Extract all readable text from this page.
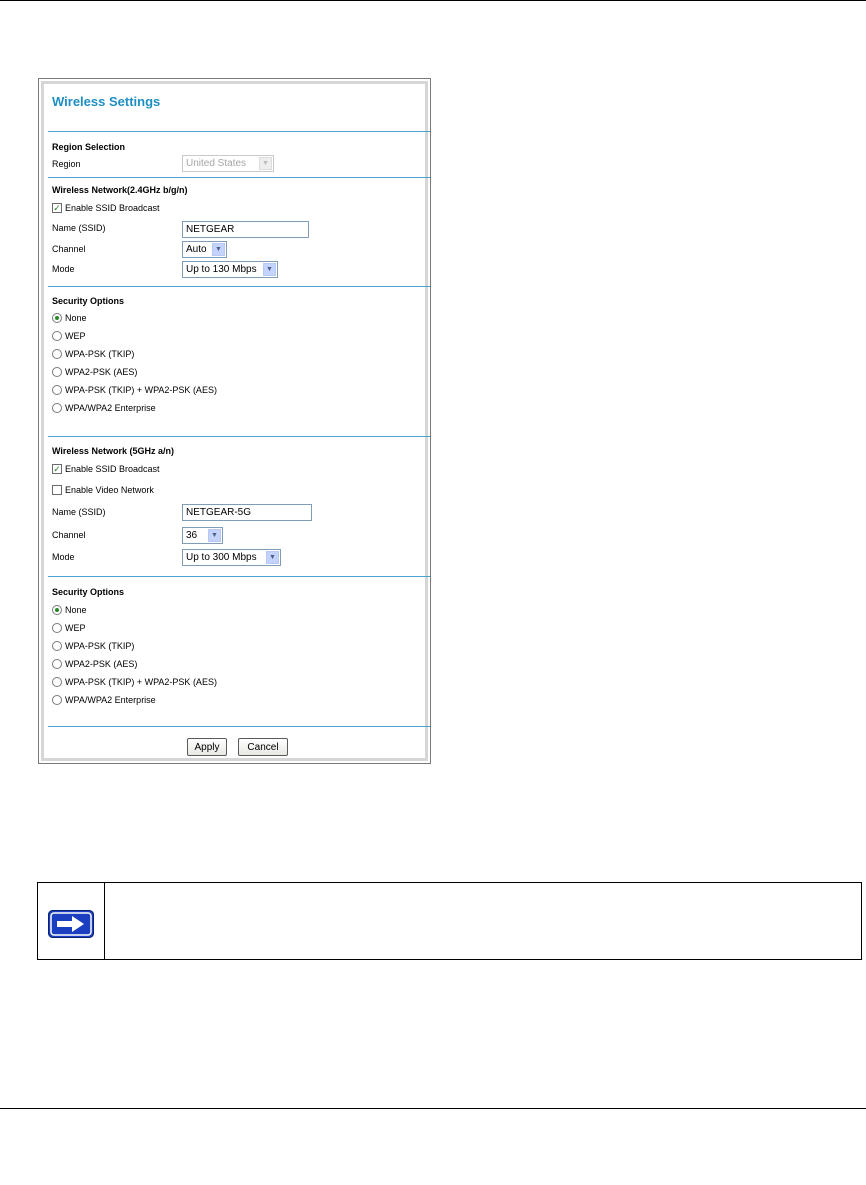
Wireless Settings
Region Selection
Region	United States	▼
Wireless Network(2.4GHz b/g/n)
✓ Enable SSID Broadcast
Name (SSID)	NETGEAR
Channel	Auto	▼
Mode	Up to 130 Mbps	▼
Security Options
None
WEP
WPA-PSK (TKIP)
WPA2-PSK (AES)
WPA-PSK (TKIP) + WPA2-PSK (AES)
WPA/WPA2 Enterprise
Wireless Network (5GHz a/n)
✓ Enable SSID Broadcast
Enable Video Network
Name (SSID)	NETGEAR-5G
Channel	36	▼
Mode	Up to 300 Mbps	▼
Security Options
None
WEP
WPA-PSK (TKIP)
WPA2-PSK (AES)
WPA-PSK (TKIP) + WPA2-PSK (AES)
WPA/WPA2 Enterprise
Apply	Cancel
